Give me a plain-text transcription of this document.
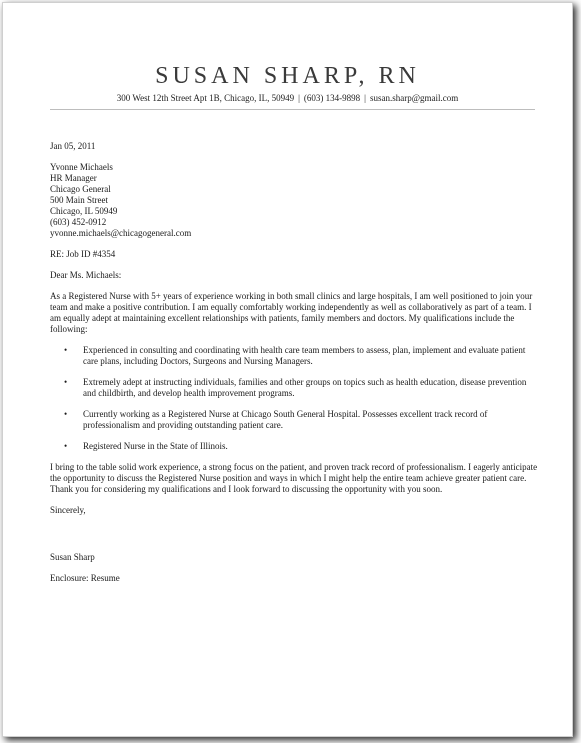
SUSAN SHARP, RN
300 West 12th Street Apt 1B, Chicago, IL, 50949 | (603) 134-9898 | susan.sharp@gmail.com

Jan 05, 2011

Yvonne Michaels

HR Manager

Chicago General

500 Main Street

Chicago, IL 50949

(603) 452-0912

yvonne.michaels@chicagogeneral.com

RE: Job ID #4354

Dear Ms. Michaels:

As a Registered Nurse with 5+ years of experience working in both small clinics and large hospitals, I am well positioned to join your team and make a positive contribution. I am equally comfortably working independently as well as collaboratively as part of a team. I am equally adept at maintaining excellent relationships with patients, family members and doctors. My qualifications include the following:

• Experienced in consulting and coordinating with health care team members to assess, plan, implement and evaluate patient care plans, including Doctors, Surgeons and Nursing Managers.
• Extremely adept at instructing individuals, families and other groups on topics such as health education, disease prevention and childbirth, and develop health improvement programs.
• Currently working as a Registered Nurse at Chicago South General Hospital. Possesses excellent track record of professionalism and providing outstanding patient care.
• Registered Nurse in the State of Illinois.

I bring to the table solid work experience, a strong focus on the patient, and proven track record of professionalism. I eagerly anticipate the opportunity to discuss the Registered Nurse position and ways in which I might help the entire team achieve greater patient care. Thank you for considering my qualifications and I look forward to discussing the opportunity with you soon.

Sincerely,

Susan Sharp

Enclosure: Resume
